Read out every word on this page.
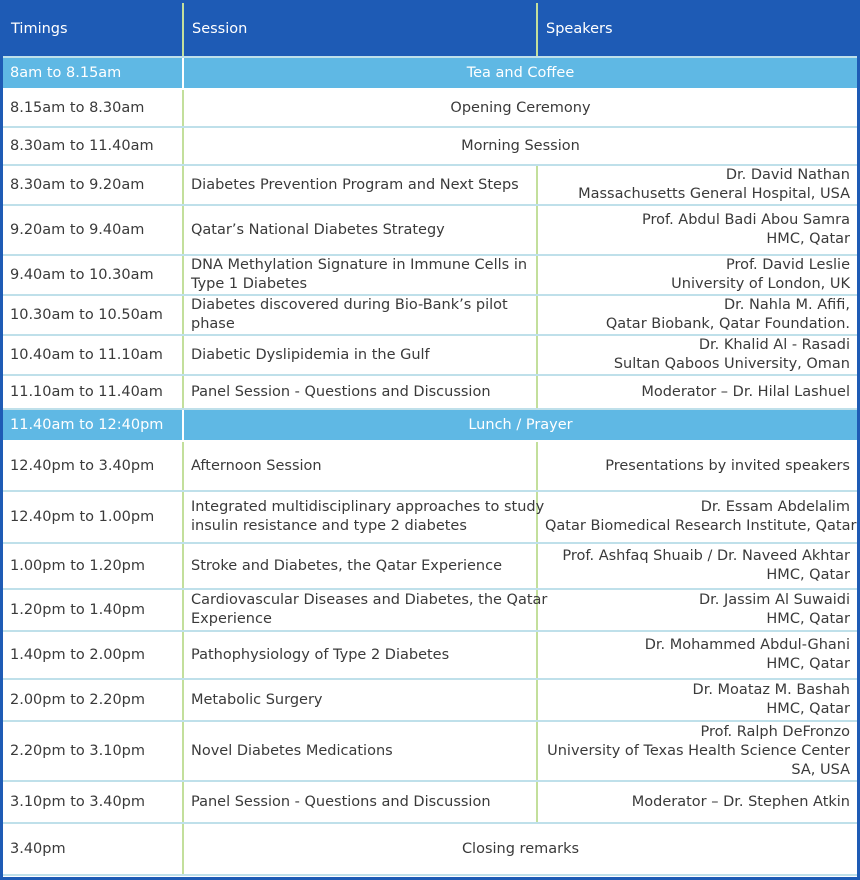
Timings	Session	Speakers
8am to 8.15am	Tea and Coffee	
8.15am to 8.30am	Opening Ceremony	
8.30am to 11.40am	Morning Session	
8.30am to 9.20am	Diabetes Prevention Program and Next Steps	Dr. David Nathan
Massachusetts General Hospital, USA

9.20am to 9.40am	Qatar’s National Diabetes Strategy	Prof. Abdul Badi Abou Samra
HMC, Qatar

9.40am to 10.30am	DNA Methylation Signature in Immune Cells in
Type 1 Diabetes	Prof. David Leslie
University of London, UK

10.30am to 10.50am	Diabetes discovered during Bio-Bank’s pilot
phase	Dr. Nahla M. Afifi,
Qatar Biobank, Qatar Foundation.

10.40am to 11.10am	Diabetic Dyslipidemia in the Gulf	Dr. Khalid Al - Rasadi
Sultan Qaboos University, Oman

11.10am to 11.40am	Panel Session - Questions and Discussion	Moderator – Dr. Hilal Lashuel

11.40am to 12:40pm	Lunch / Prayer	
12.40pm to 3.40pm	Afternoon Session	Presentations by invited speakers

12.40pm to 1.00pm	Integrated multidisciplinary approaches to study
insulin resistance and type 2 diabetes	Dr. Essam Abdelalim
Qatar Biomedical Research Institute, Qatar

1.00pm to 1.20pm	Stroke and Diabetes, the Qatar Experience	Prof. Ashfaq Shuaib / Dr. Naveed Akhtar
HMC, Qatar

1.20pm to 1.40pm	Cardiovascular Diseases and Diabetes, the Qatar
Experience	Dr. Jassim Al Suwaidi
HMC, Qatar

1.40pm to 2.00pm	Pathophysiology of Type 2 Diabetes	Dr. Mohammed Abdul-Ghani
HMC, Qatar

2.00pm to 2.20pm	Metabolic Surgery	Dr. Moataz M. Bashah
HMC, Qatar

2.20pm to 3.10pm	Novel Diabetes Medications	Prof. Ralph DeFronzo
University of Texas Health Science Center
SA, USA

3.10pm to 3.40pm	Panel Session - Questions and Discussion	Moderator – Dr. Stephen Atkin

3.40pm	Closing remarks	
